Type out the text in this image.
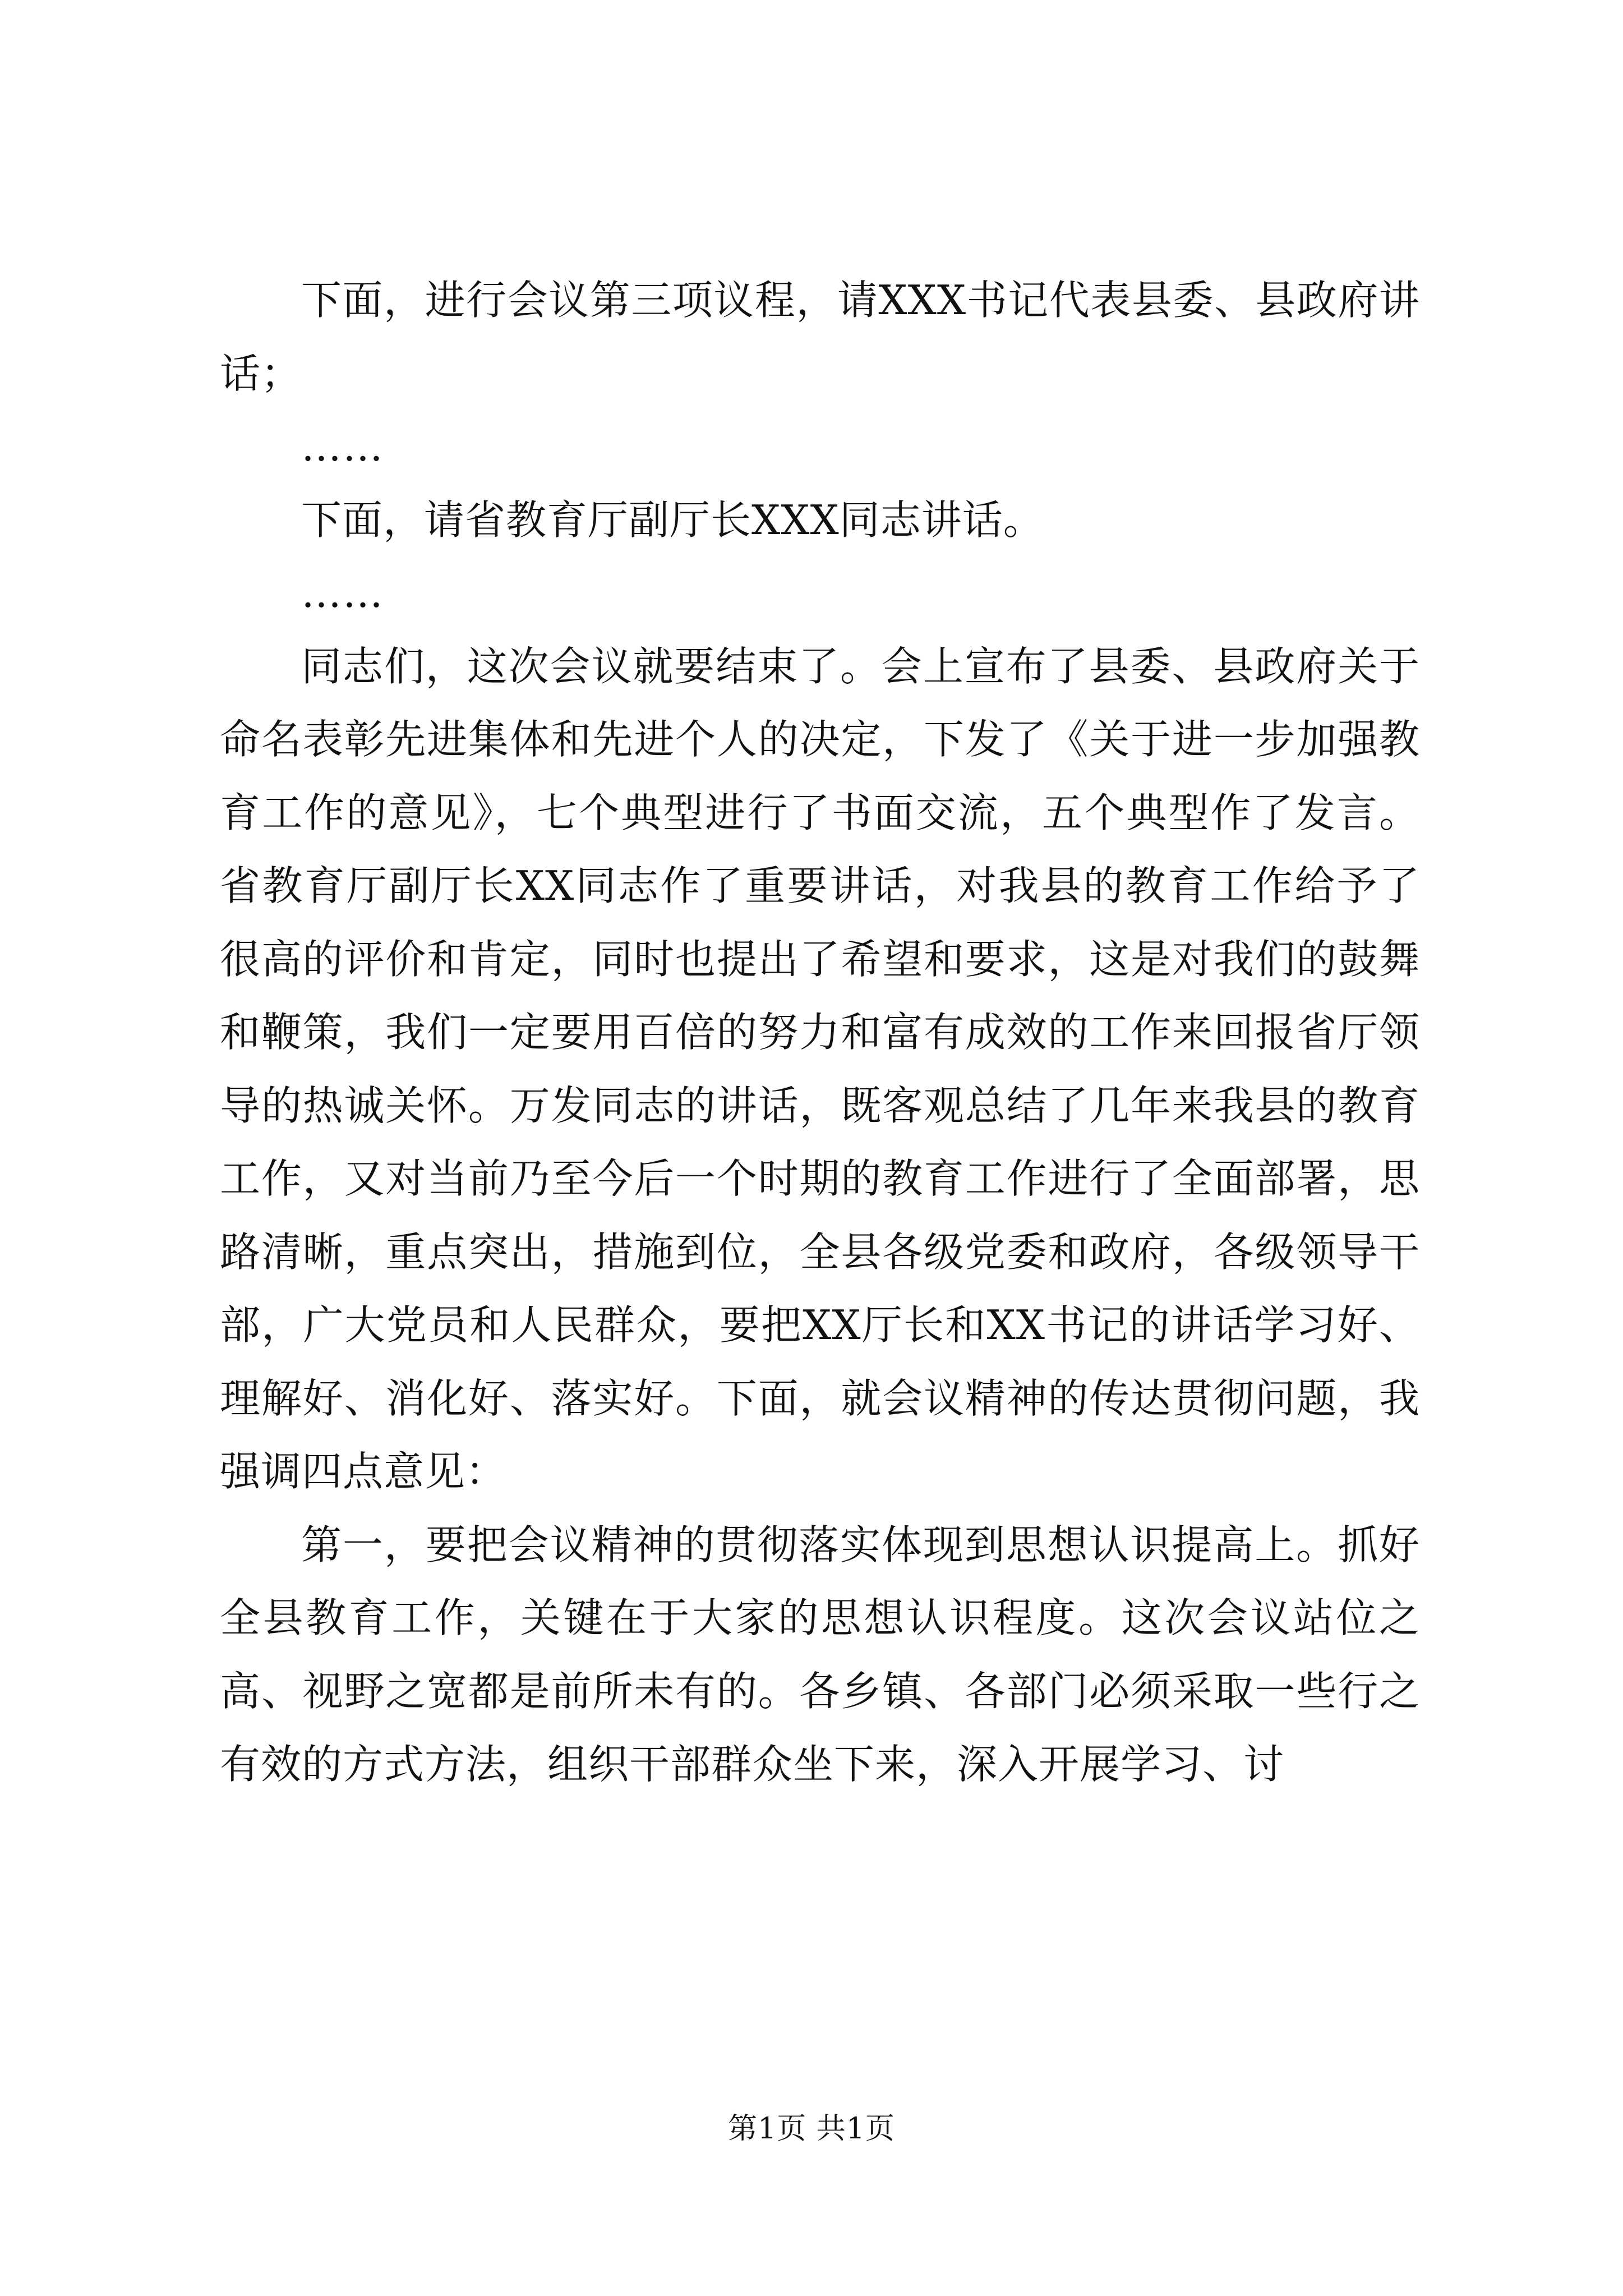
下面，进行会议第三项议程，请XXX书记代表县委、县政府讲话；

……

下面，请省教育厅副厅长XXX同志讲话。

……

同志们，这次会议就要结束了。会上宣布了县委、县政府关于命名表彰先进集体和先进个人的决定，下发了《关于进一步加强教育工作的意见》，七个典型进行了书面交流，五个典型作了发言。省教育厅副厅长XX同志作了重要讲话，对我县的教育工作给予了很高的评价和肯定，同时也提出了希望和要求，这是对我们的鼓舞和鞭策，我们一定要用百倍的努力和富有成效的工作来回报省厅领导的热诚关怀。万发同志的讲话，既客观总结了几年来我县的教育工作，又对当前乃至今后一个时期的教育工作进行了全面部署，思路清晰，重点突出，措施到位，全县各级党委和政府，各级领导干部，广大党员和人民群众，要把XX厅长和XX书记的讲话学习好、理解好、消化好、落实好。下面，就会议精神的传达贯彻问题，我强调四点意见：

第一，要把会议精神的贯彻落实体现到思想认识提高上。抓好全县教育工作，关键在于大家的思想认识程度。这次会议站位之高、视野之宽都是前所未有的。各乡镇、各部门必须采取一些行之有效的方式方法，组织干部群众坐下来，深入开展学习、讨

第1页 共1页
